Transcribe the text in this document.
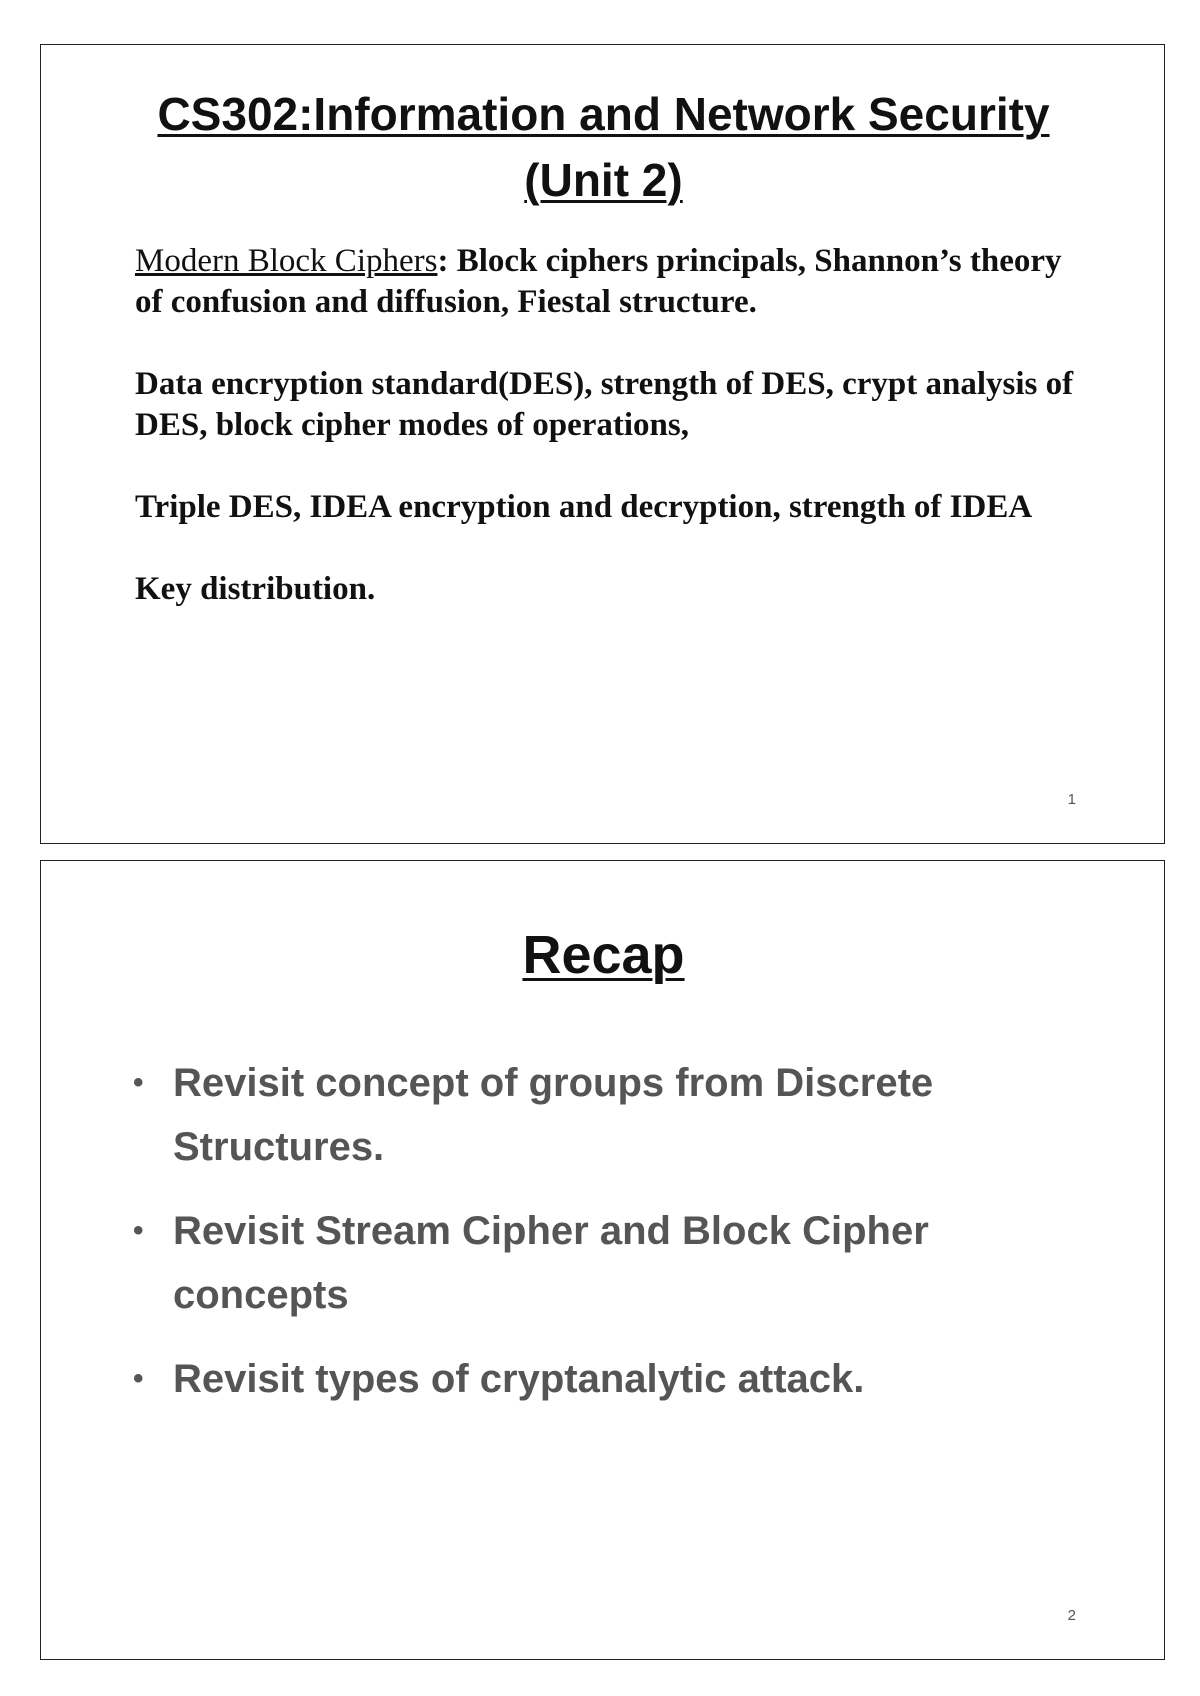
CS302:Information and Network Security
(Unit 2)

Modern Block Ciphers: Block ciphers principals, Shannon’s theory of confusion and diffusion, Fiestal structure.

Data encryption standard(DES), strength of DES, crypt analysis of DES, block cipher modes of operations,

Triple DES, IDEA encryption and decryption, strength of IDEA

Key distribution.

1
Recap
• Revisit concept of groups from Discrete Structures.
• Revisit Stream Cipher and Block Cipher concepts
• Revisit types of cryptanalytic attack.
2
